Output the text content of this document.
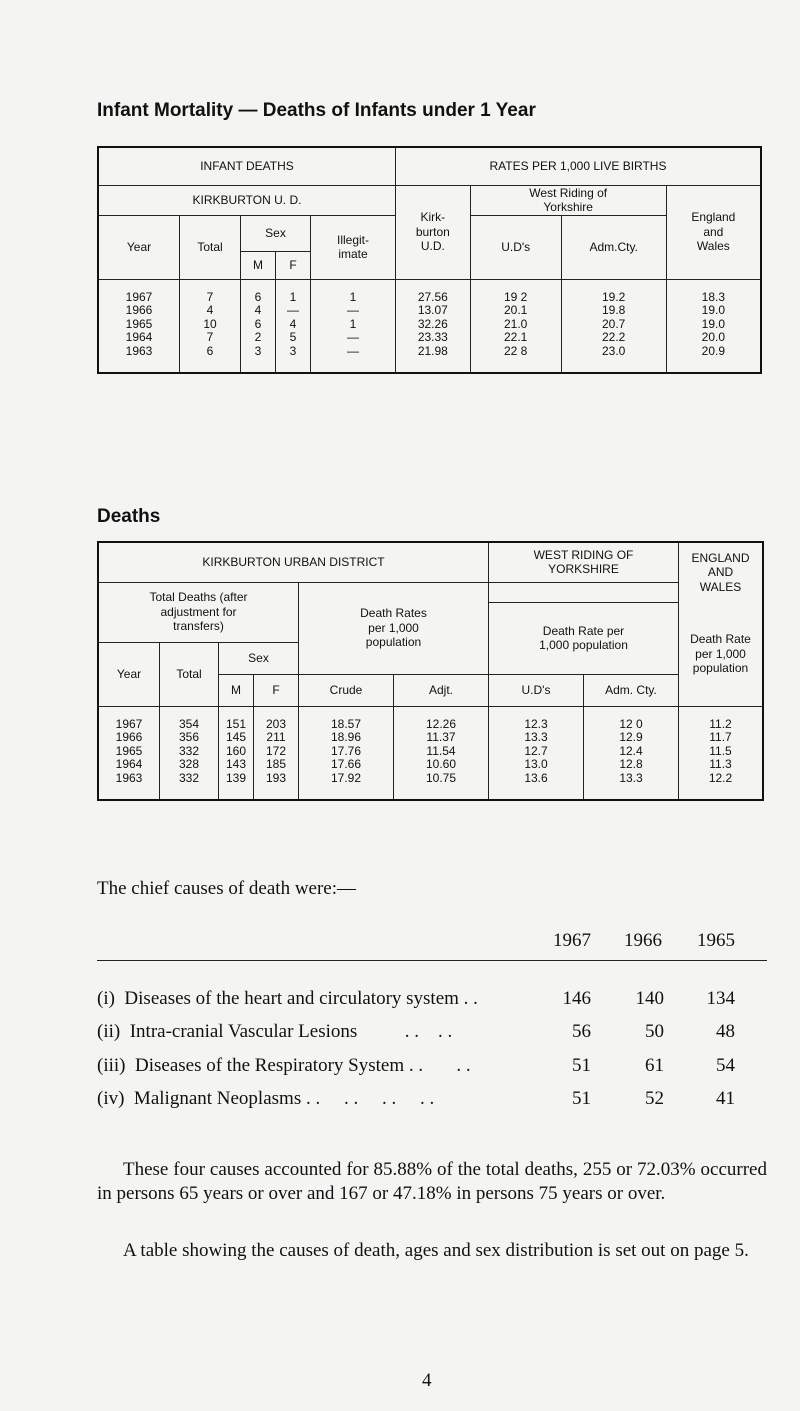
Infant Mortality — Deaths of Infants under 1 Year
INFANT DEATHS					RATES PER 1,000 LIVE BIRTHS			
KIRKBURTON U. D.					Kirk-
burton
U.D.	West Riding of
Yorkshire		England
and
Wales
Year	Total	Sex		Illegit-
imate		U.D's	Adm.Cty.	
		M	F					
1967	7	6	1	1	27.56	19 2	19.2	18.3
1966	4	4	—	—	13.07	20.1	19.8	19.0
1965	10	6	4	1	32.26	21.0	20.7	19.0
1964	7	2	5	—	23.33	22.1	22.2	20.0
1963	6	3	3	—	21.98	22 8	23.0	20.9
Deaths
KIRKBURTON URBAN DISTRICT						WEST RIDING OF
YORKSHIRE		ENGLAND
AND
WALES
Total Deaths (after
adjustment for
transfers)				Death Rates
per 1,000
population				
						Death Rate per
1,000 population		Death Rate
per 1,000
population

Year	Total	Sex						
		M	F	Crude	Adjt.	U.D's	Adm. Cty.	
1967	354	151	203	18.57	12.26	12.3	12 0	11.2
1966	356	145	211	18.96	11.37	13.3	12.9	11.7
1965	332	160	172	17.76	11.54	12.7	12.4	11.5
1964	328	143	185	17.66	10.60	13.0	12.8	11.3
1963	332	139	193	17.92	10.75	13.6	13.3	12.2

The chief causes of death were:—

1967	1966	1965
(i)  Diseases of the heart and circulatory system . .	146	140	134
(ii)  Intra-cranial Vascular Lesions          . .    . .	56	50	48
(iii)  Diseases of the Respiratory System . .       . .	51	61	54
(iv)  Malignant Neoplasms . .     . .     . .     . .	51	52	41

These four causes accounted for 85.88% of the total deaths, 255 or 72.03% occurred in persons 65 years or over and 167 or 47.18% in persons 75 years or over.

A table showing the causes of death, ages and sex distribution is set out on page 5.

4
